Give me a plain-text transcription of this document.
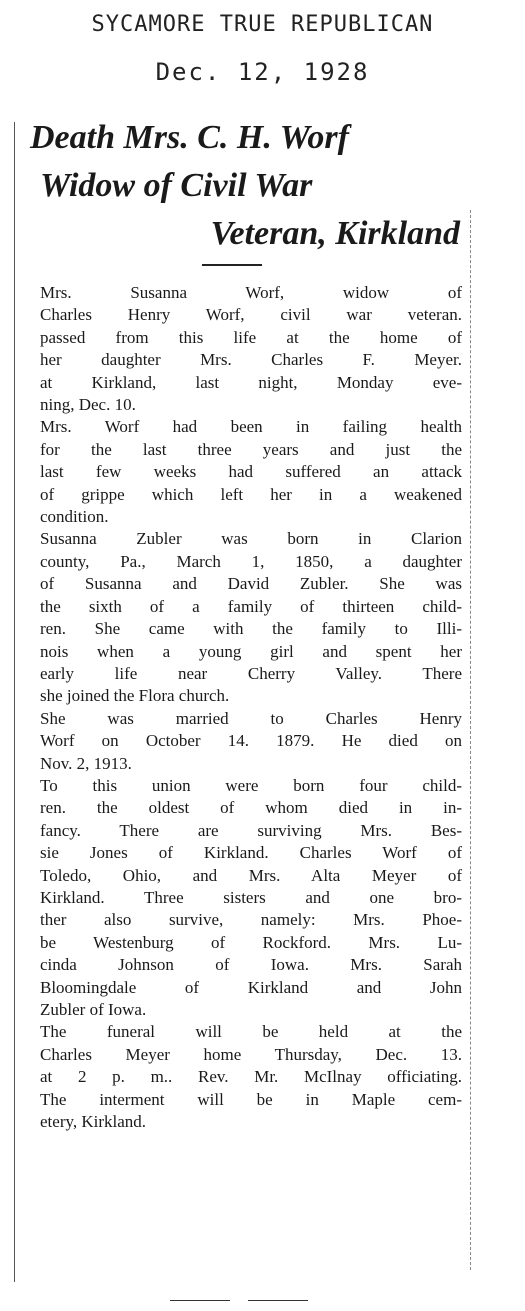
SYCAMORE TRUE REPUBLICAN
Dec. 12, 1928
Death Mrs. C. H. Worf
Widow of Civil War
Veteran, Kirkland

Mrs. Susanna Worf, widow of
Charles Henry Worf, civil war veteran.
passed from this life at the home of
her daughter Mrs. Charles F. Meyer.
at Kirkland, last night, Monday eve-
ning, Dec. 10.

Mrs. Worf had been in failing health
for the last three years and just the
last few weeks had suffered an attack
of grippe which left her in a weakened
condition.

Susanna Zubler was born in Clarion
county, Pa., March 1, 1850, a daughter
of Susanna and David Zubler. She was
the sixth of a family of thirteen child-
ren. She came with the family to Illi-
nois when a young girl and spent her
early life near Cherry Valley. There
she joined the Flora church.

She was married to Charles Henry
Worf on October 14. 1879. He died on
Nov. 2, 1913.

To this union were born four child-
ren. the oldest of whom died in in-
fancy. There are surviving Mrs. Bes-
sie Jones of Kirkland. Charles Worf of
Toledo, Ohio, and Mrs. Alta Meyer of
Kirkland. Three sisters and one bro-
ther also survive, namely: Mrs. Phoe-
be Westenburg of Rockford. Mrs. Lu-
cinda Johnson of Iowa. Mrs. Sarah
Bloomingdale of Kirkland and John
Zubler of Iowa.

The funeral will be held at the
Charles Meyer home Thursday, Dec. 13.
at 2 p. m.. Rev. Mr. McIlnay officiating.
The interment will be in Maple cem-
etery, Kirkland.
